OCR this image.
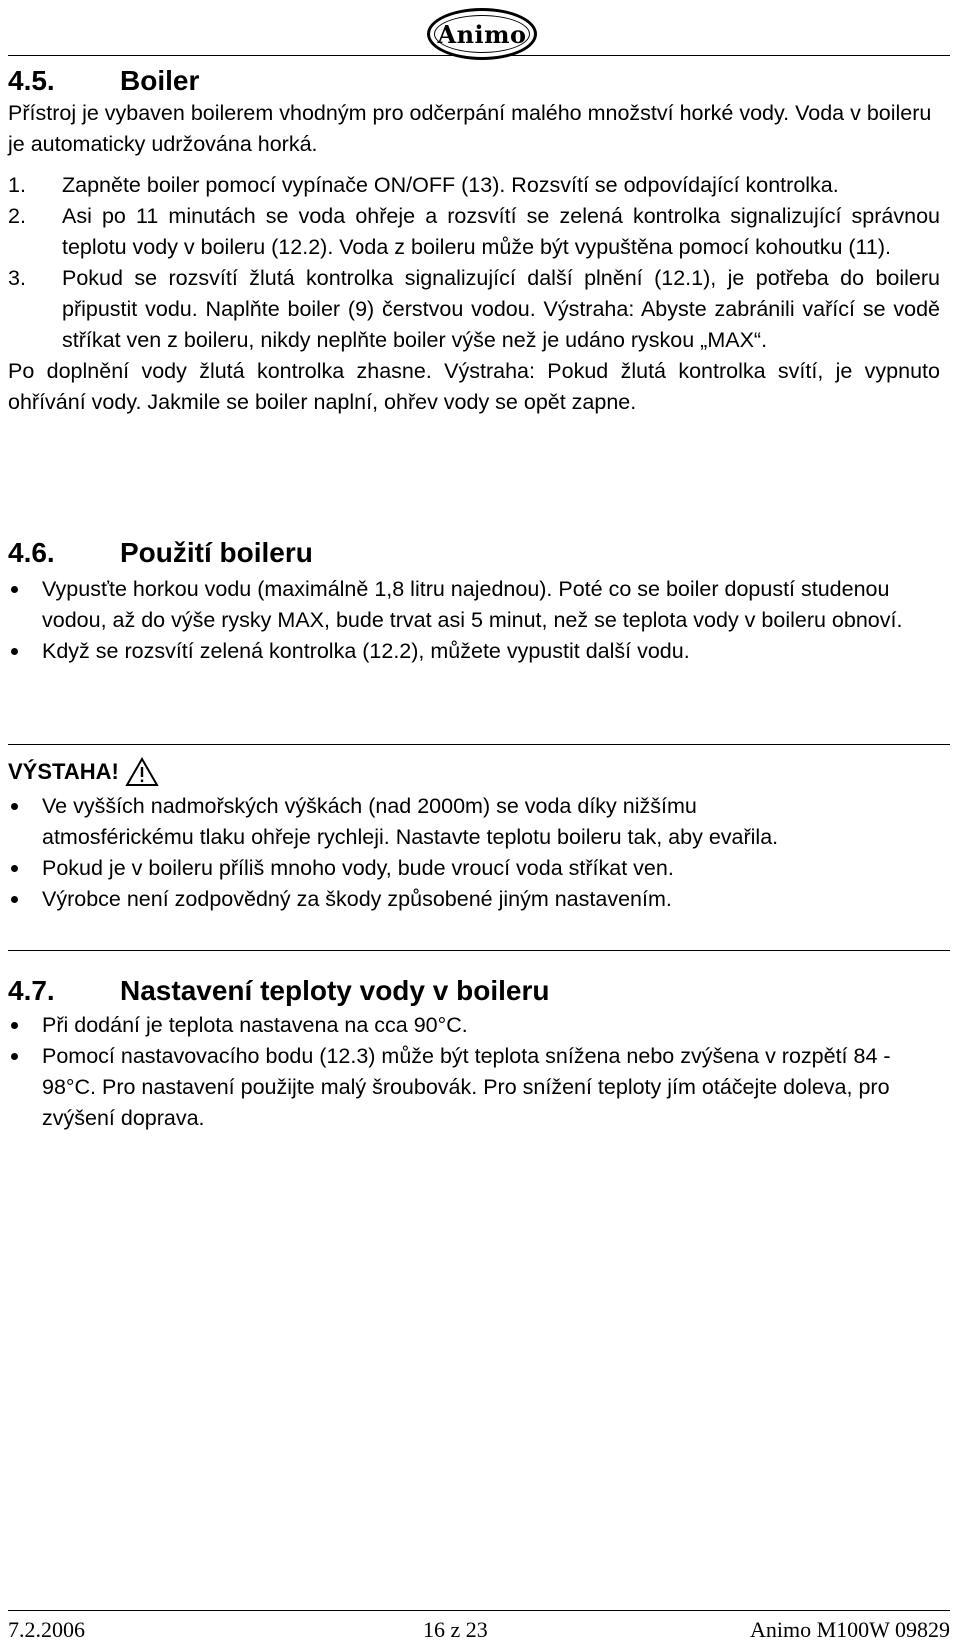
Animo
4.5. Boiler

Přístroj je vybaven boilerem vhodným pro odčerpání malého množství horké vody. Voda v boileru je automaticky udržována horká.

1.	Zapněte boiler pomocí vypínače ON/OFF (13). Rozsvítí se odpovídající kontrolka.
2.	Asi po 11 minutách se voda ohřeje a rozsvítí se zelená kontrolka signalizující správnou teplotu vody v boileru (12.2). Voda z boileru může být vypuštěna pomocí kohoutku (11).
3.	Pokud se rozsvítí žlutá kontrolka signalizující další plnění (12.1), je potřeba do boileru připustit vodu. Naplňte boiler (9) čerstvou vodou. Výstraha: Abyste zabránili vařící se vodě stříkat ven z boileru, nikdy neplňte boiler výše než je udáno ryskou „MAX“.

Po doplnění vody žlutá kontrolka zhasne. Výstraha: Pokud žlutá kontrolka svítí, je vypnuto ohřívání vody. Jakmile se boiler naplní, ohřev vody se opět zapne.

4.6. Použití boileru
Vypusťte horkou vodu (maximálně 1,8 litru najednou). Poté co se boiler dopustí studenou vodou, až do výše rysky MAX, bude trvat asi 5 minut, než se teplota vody v boileru obnoví.
Když se rozsvítí zelená kontrolka (12.2), můžete vypustit další vodu.
VÝSTAHA!
Ve vyšších nadmořských výškách (nad 2000m) se voda díky nižšímu atmosférickému tlaku ohřeje rychleji. Nastavte teplotu boileru tak, aby evařila.
Pokud je v boileru příliš mnoho vody, bude vroucí voda stříkat ven.
Výrobce není zodpovědný za škody způsobené jiným nastavením.
4.7. Nastavení teploty vody v boileru
Při dodání je teplota nastavena na cca 90°C.
Pomocí nastavovacího bodu (12.3) může být teplota snížena nebo zvýšena v rozpětí 84 - 98°C. Pro nastavení použijte malý šroubovák. Pro snížení teploty jím otáčejte doleva, pro zvýšení doprava.
7.2.2006	16 z 23	Animo M100W 09829
